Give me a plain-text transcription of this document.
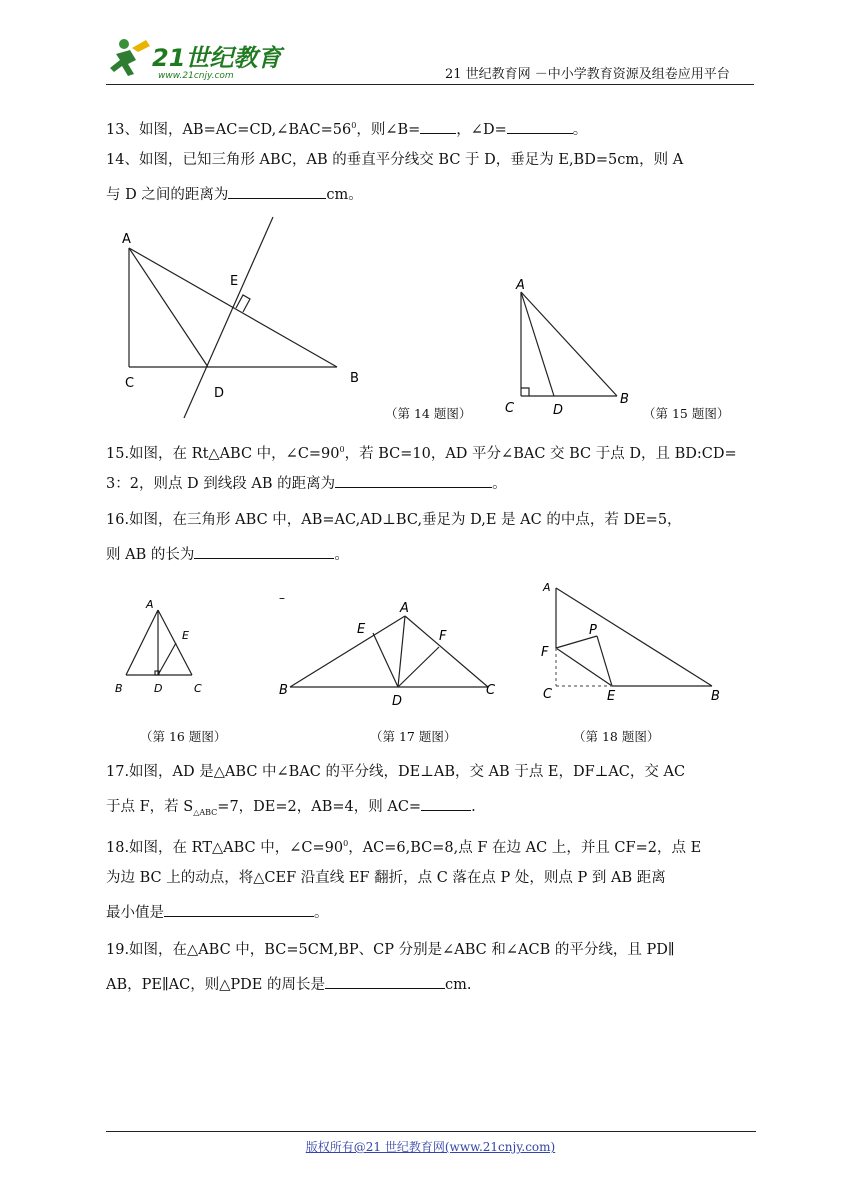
21世纪教育
www.21cnjy.com	21 世纪教育网 －中小学教育资源及组卷应用平台
13、如图，$AB=AC=CD,\angle BAC=56^0$，则∠B= ，∠D=	。
14、如图，已知三角形 ABC，AB 的垂直平分线交 BC 于 D，垂足为 E,BD=5cm，则 A
与 D 之间的距离为	cm。
A
E
C
D
B
（第 14 题图）
A
C	D
B
（第 15 题图）
15.如图，在 Rt△ABC 中，$\angle C=90^0$，若 BC=10，AD 平分∠BAC 交 BC 于点 D，且 BD:CD=
3：2，则点 D 到线段 AB 的距离为	。
16.如图，在三角形 ABC 中，AB=AC,AD⊥BC,垂足为 D,E 是 AC 的中点，若 DE=5，
则 AB 的长为	。
A
E
B	D	C
（第 16 题图）
–
A
E	F
B
D
C
（第 17 题图）
A
P
F
C	E	B
（第 18 题图）
17.如图，AD 是△ABC 中∠BAC 的平分线，DE⊥AB，交 AB 于点 E，DF⊥AC，交 AC
于点 F，若 $S_{\triangle ABC}=7$，DE=2，AB=4，则 AC=	.
18.如图，在 RT△ABC 中，$\angle C=90^0$，AC=6,BC=8,点 F 在边 AC 上，并且 CF=2，点 E
为边 BC 上的动点，将△CEF 沿直线 EF 翻折，点 C 落在点 P 处，则点 P 到 AB 距离
最小值是	。
19.如图，在△ABC 中，BC=5CM,BP、CP 分别是∠ABC 和∠ACB 的平分线，且 PD∥
AB，PE∥AC，则△PDE 的周长是	cm.
版权所有@21 世纪教育网(www.21cnjy.com)
